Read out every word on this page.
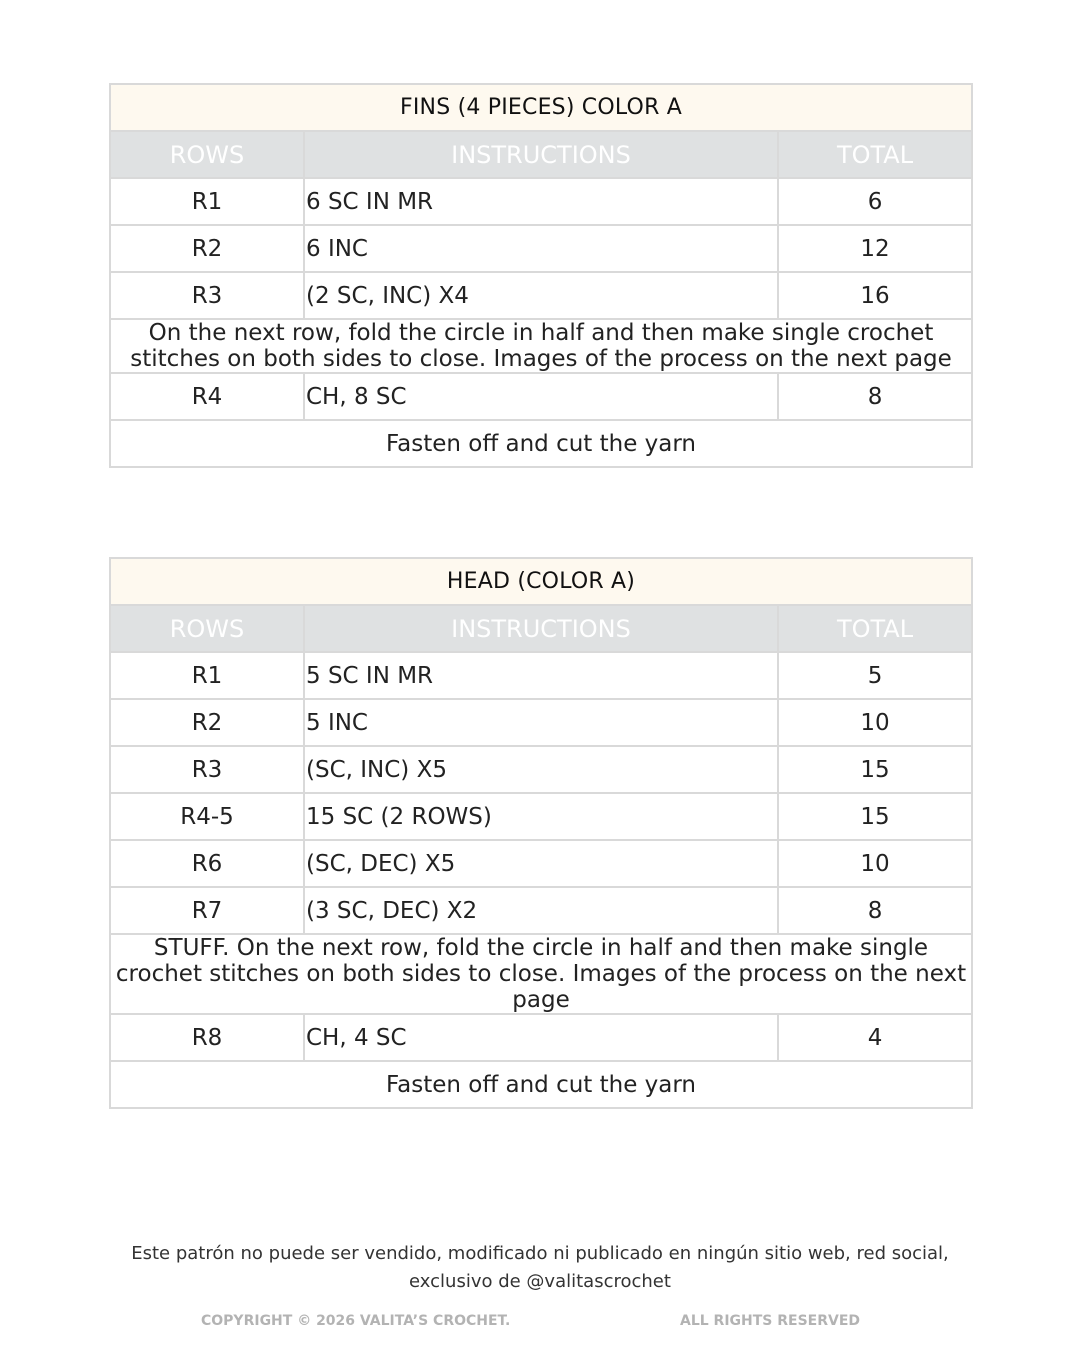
FINS (4 PIECES) COLOR A		
ROWS	INSTRUCTIONS	TOTAL
R1	6 SC IN MR	6
R2	6 INC	12
R3	(2 SC, INC) X4	16
On the next row, fold the circle in half and then make single crochet stitches on both sides to close. Images of the process on the next page		
R4	CH, 8 SC	8
Fasten off and cut the yarn		
HEAD (COLOR A)		
ROWS	INSTRUCTIONS	TOTAL
R1	5 SC IN MR	5
R2	5 INC	10
R3	(SC, INC) X5	15
R4-5	15 SC (2 ROWS)	15
R6	(SC, DEC) X5	10
R7	(3 SC, DEC) X2	8
STUFF. On the next row, fold the circle in half and then make single crochet stitches on both sides to close. Images of the process on the next page		
R8	CH, 4 SC	4
Fasten off and cut the yarn		
Este patrón no puede ser vendido, modificado ni publicado en ningún sitio web, red social,
exclusivo de @valitascrochet
COPYRIGHT © 2026 VALITA’S CROCHET.	ALL RIGHTS RESERVED
